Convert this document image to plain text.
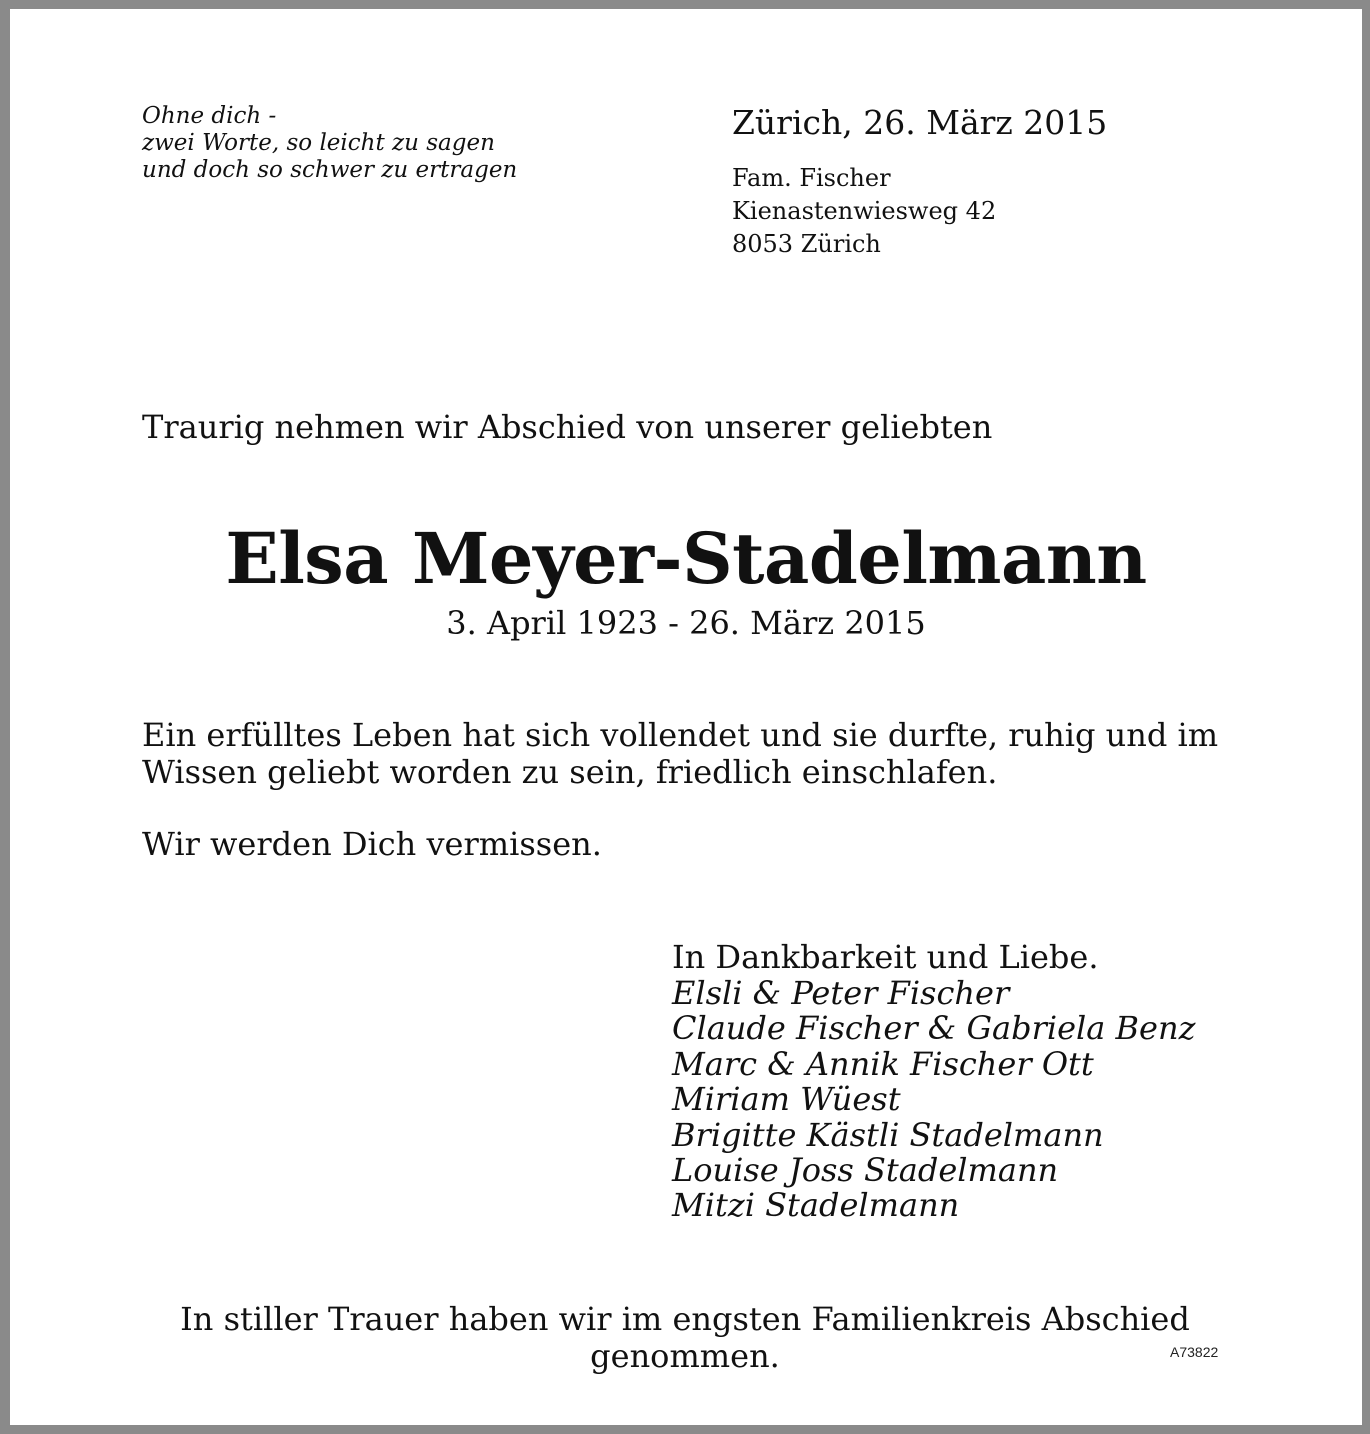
Ohne dich -
zwei Worte, so leicht zu sagen
und doch so schwer zu ertragen
Zürich, 26. März 2015
Fam. Fischer
Kienastenwiesweg 42
8053 Zürich
Traurig nehmen wir Abschied von unserer geliebten
Elsa Meyer-Stadelmann
3. April 1923 - 26. März 2015
Ein erfülltes Leben hat sich vollendet und sie durfte, ruhig und im Wissen geliebt worden zu sein, friedlich einschlafen.
Wir werden Dich vermissen.
In Dankbarkeit und Liebe.
Elsli & Peter Fischer
Claude Fischer & Gabriela Benz
Marc & Annik Fischer Ott
Miriam Wüest
Brigitte Kästli Stadelmann
Louise Joss Stadelmann
Mitzi Stadelmann
In stiller Trauer haben wir im engsten Familienkreis Abschied genommen.	A73822
